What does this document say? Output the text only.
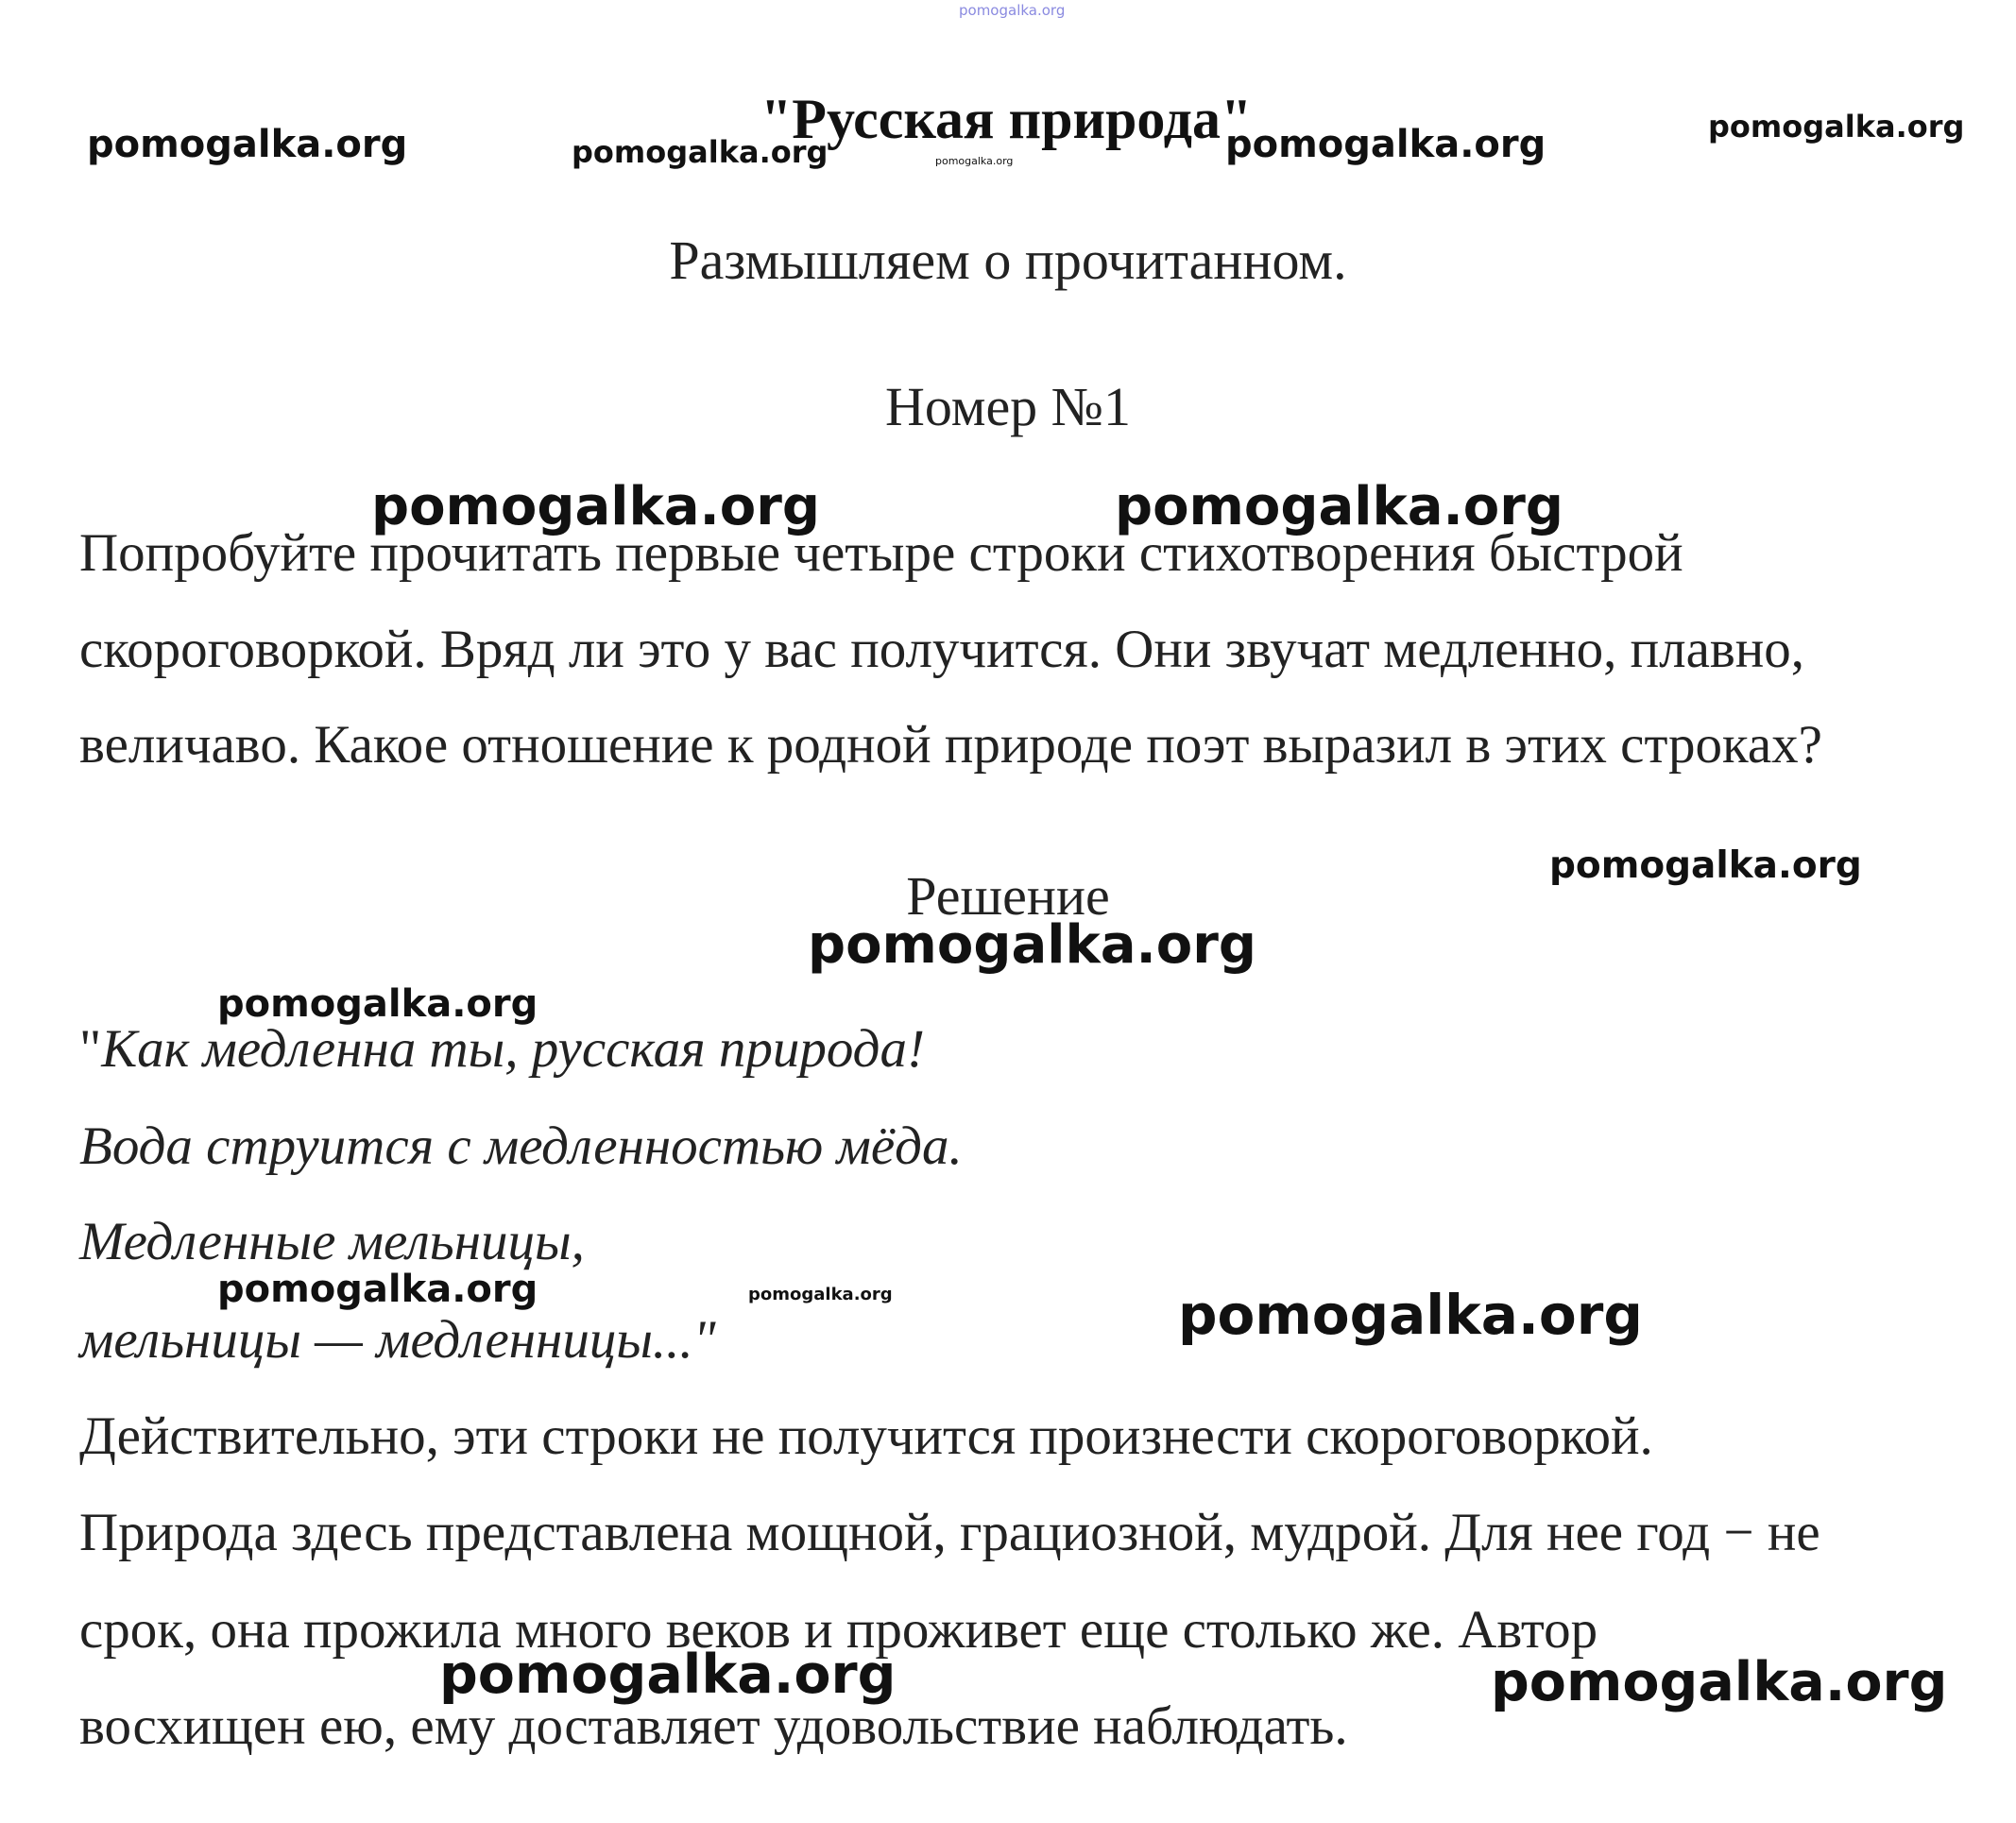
"Русская природа"
Размышляем о прочитанном.
Номер №1
Попробуйте прочитать первые четыре строки стихотворения быстрой
скороговоркой. Вряд ли это у вас получится. Они звучат медленно, плавно,
величаво. Какое отношение к родной природе поэт выразил в этих строках?
Решение
"Как медленна ты, русская природа!
Вода струится с медленностью мёда.
Медленные мельницы,
мельницы — медленницы..."
Действительно, эти строки не получится произнести скороговоркой.
Природа здесь представлена мощной, грациозной, мудрой. Для нее год − не
срок, она прожила много веков и проживет еще столько же. Автор
восхищен ею, ему доставляет удовольствие наблюдать.
pomogalka.org
pomogalka.org	pomogalka.org	pomogalka.org	pomogalka.org	pomogalka.org
pomogalka.org	pomogalka.org
pomogalka.org
pomogalka.org
pomogalka.org
pomogalka.org	pomogalka.org	pomogalka.org
pomogalka.org	pomogalka.org
